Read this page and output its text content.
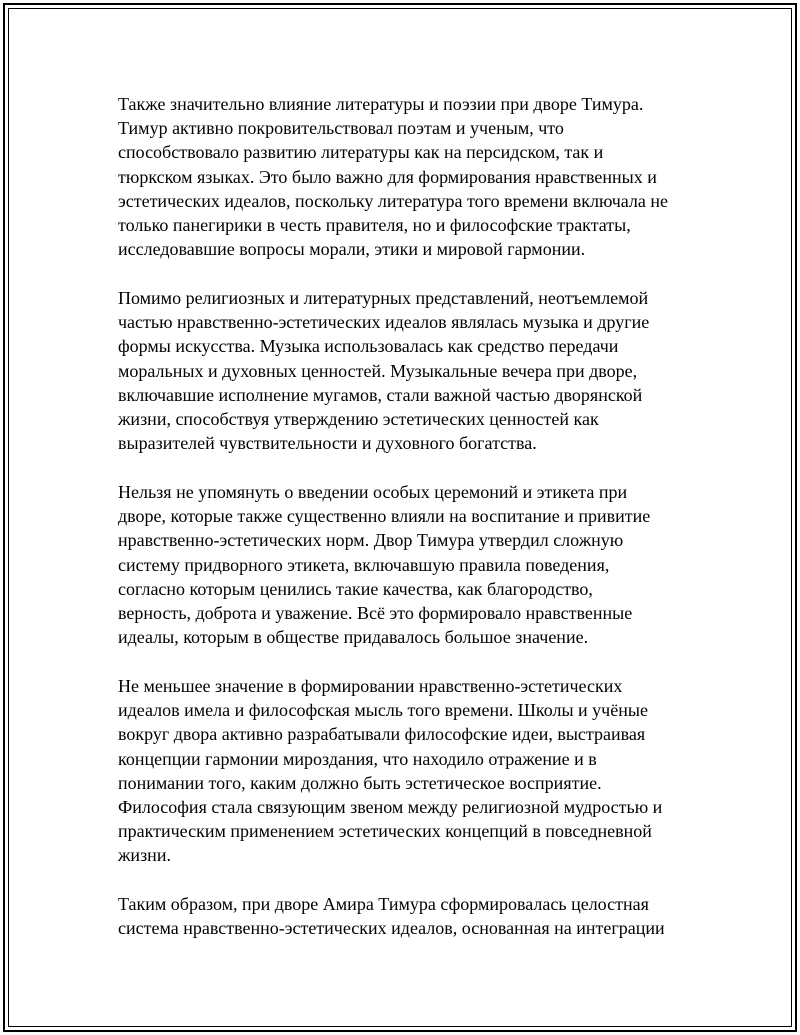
Также значительно влияние литературы и поэзии при дворе Тимура.
Тимур активно покровительствовал поэтам и ученым, что
способствовало развитию литературы как на персидском, так и
тюркском языках. Это было важно для формирования нравственных и
эстетических идеалов, поскольку литература того времени включала не
только панегирики в честь правителя, но и философские трактаты,
исследовавшие вопросы морали, этики и мировой гармонии.

Помимо религиозных и литературных представлений, неотъемлемой
частью нравственно-эстетических идеалов являлась музыка и другие
формы искусства. Музыка использовалась как средство передачи
моральных и духовных ценностей. Музыкальные вечера при дворе,
включавшие исполнение мугамов, стали важной частью дворянской
жизни, способствуя утверждению эстетических ценностей как
выразителей чувствительности и духовного богатства.

Нельзя не упомянуть о введении особых церемоний и этикета при
дворе, которые также существенно влияли на воспитание и привитие
нравственно-эстетических норм. Двор Тимура утвердил сложную
систему придворного этикета, включавшую правила поведения,
согласно которым ценились такие качества, как благородство,
верность, доброта и уважение. Всё это формировало нравственные
идеалы, которым в обществе придавалось большое значение.

Не меньшее значение в формировании нравственно-эстетических
идеалов имела и философская мысль того времени. Школы и учёные
вокруг двора активно разрабатывали философские идеи, выстраивая
концепции гармонии мироздания, что находило отражение и в
понимании того, каким должно быть эстетическое восприятие.
Философия стала связующим звеном между религиозной мудростью и
практическим применением эстетических концепций в повседневной
жизни.

Таким образом, при дворе Амира Тимура сформировалась целостная
система нравственно-эстетических идеалов, основанная на интеграции
